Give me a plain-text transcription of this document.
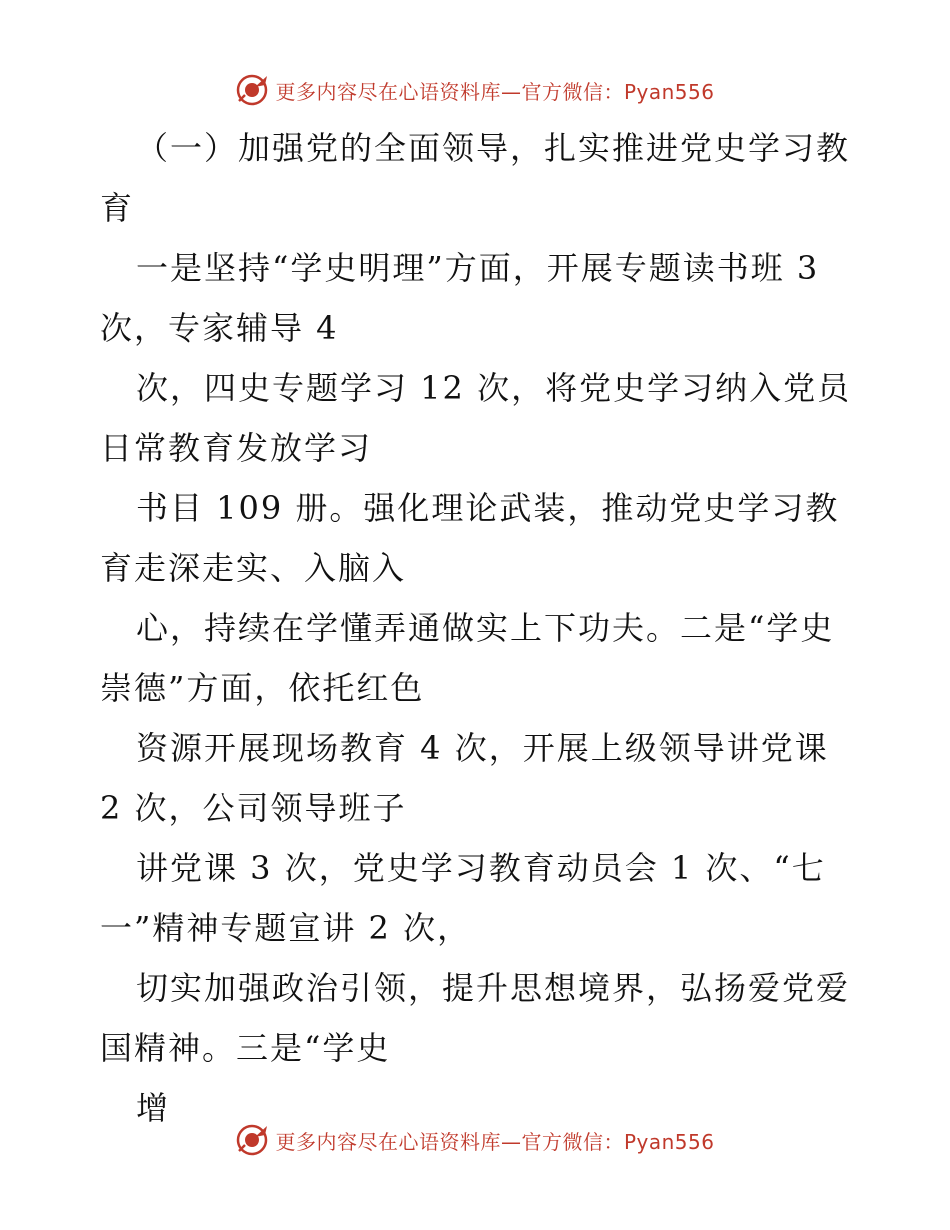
更多内容尽在心语资料库—官方微信：Pyan556

（一）加强党的全面领导，扎实推进党史学习教育

一是坚持“学史明理”方面，开展专题读书班 3 次，专家辅导 4

次，四史专题学习 12 次，将党史学习纳入党员日常教育发放学习

书目 109 册。强化理论武装，推动党史学习教育走深走实、入脑入

心，持续在学懂弄通做实上下功夫。二是“学史崇德”方面，依托红色

资源开展现场教育 4 次，开展上级领导讲党课 2 次，公司领导班子

讲党课 3 次，党史学习教育动员会 1 次、“七一”精神专题宣讲 2 次，

切实加强政治引领，提升思想境界，弘扬爱党爱国精神。三是“学史

增

更多内容尽在心语资料库—官方微信：Pyan556
